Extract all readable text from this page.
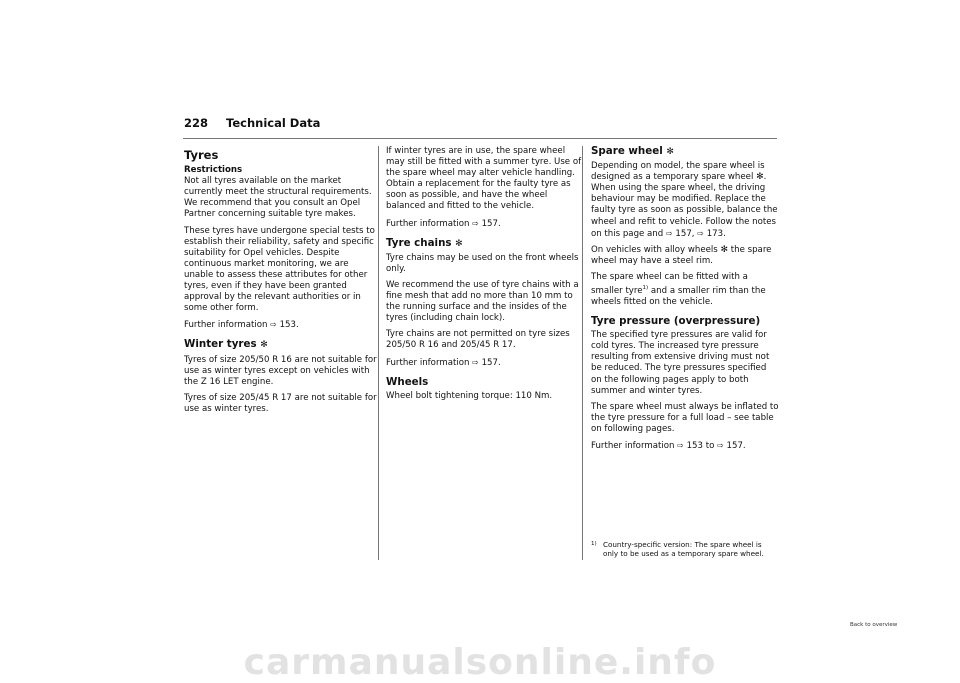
228 Technical Data
Tyres
Restrictions

Not all tyres available on the market currently meet the structural requirements. We recommend that you consult an Opel Partner concerning suitable tyre makes.

These tyres have undergone special tests to establish their reliability, safety and specific suitability for Opel vehicles. Despite continuous market monitoring, we are unable to assess these attributes for other tyres, even if they have been granted approval by the relevant authorities or in some other form.

Further information ⇨ 153.

Winter tyres ✻

Tyres of size 205/50 R 16 are not suitable for use as winter tyres except on vehicles with the Z 16 LET engine.

Tyres of size 205/45 R 17 are not suitable for use as winter tyres.

If winter tyres are in use, the spare wheel may still be fitted with a summer tyre. Use of the spare wheel may alter vehicle handling. Obtain a replacement for the faulty tyre as soon as possible, and have the wheel balanced and fitted to the vehicle.

Further information ⇨ 157.

Tyre chains ✻

Tyre chains may be used on the front wheels only.

We recommend the use of tyre chains with a fine mesh that add no more than 10 mm to the running surface and the insides of the tyres (including chain lock).

Tyre chains are not permitted on tyre sizes 205/50 R 16 and 205/45 R 17.

Further information ⇨ 157.

Wheels

Wheel bolt tightening torque: 110 Nm.

Spare wheel ✻

Depending on model, the spare wheel is designed as a temporary spare wheel ✻. When using the spare wheel, the driving behaviour may be modified. Replace the faulty tyre as soon as possible, balance the wheel and refit to vehicle. Follow the notes on this page and ⇨ 157, ⇨ 173.

On vehicles with alloy wheels ✻ the spare wheel may have a steel rim.

The spare wheel can be fitted with a smaller tyre$^{1)}$ and a smaller rim than the wheels fitted on the vehicle.

Tyre pressure (overpressure)

The specified tyre pressures are valid for cold tyres. The increased tyre pressure resulting from extensive driving must not be reduced. The tyre pressures specified on the following pages apply to both summer and winter tyres.

The spare wheel must always be inflated to the tyre pressure for a full load – see table on following pages.

Further information ⇨ 153 to ⇨ 157.

$^{1)}$ Country-specific version: The spare wheel is only to be used as a temporary spare wheel.
Back to overview
carmanualsonline.info
